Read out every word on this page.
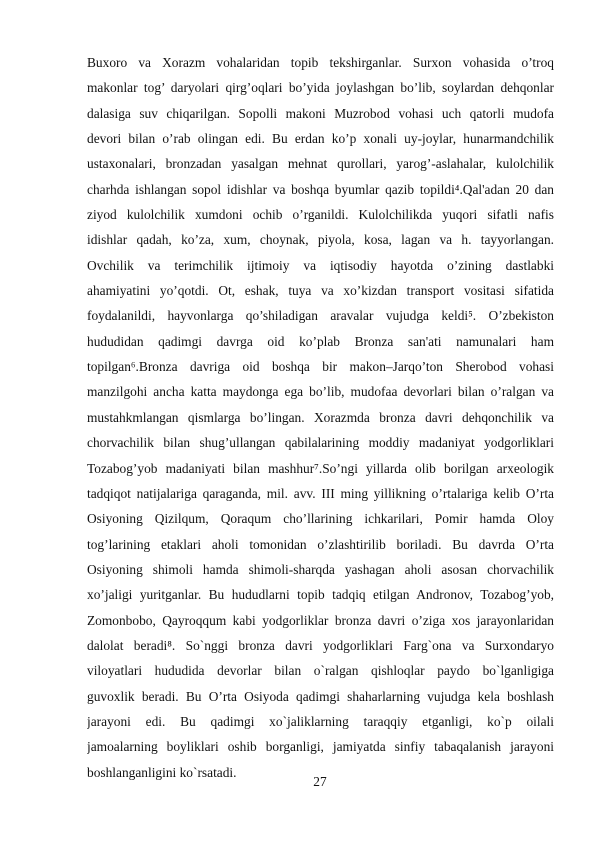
Buxoro va Xorazm vohalaridan topib tekshirganlar. Surxon vohasida o’troq
makonlar tog’ daryolari qirg’oqlari bo’yida joylashgan bo’lib, soylardan dehqonlar
dalasiga suv chiqarilgan. Sopolli makoni Muzrobod vohasi uch qatorli mudofa
devori bilan o’rab olingan edi. Bu erdan ko’p xonali uy-joylar, hunarmandchilik
ustaxonalari, bronzadan yasalgan mehnat qurollari, yarog’-aslahalar, kulolchilik
charhda ishlangan sopol idishlar va boshqa byumlar qazib topildi⁴.Qal'adan 20 dan
ziyod kulolchilik xumdoni ochib o’rganildi. Kulolchilikda yuqori sifatli nafis
idishlar qadah, ko’za, xum, choynak, piyola, kosa, lagan va h. tayyorlangan.
Ovchilik va terimchilik ijtimoiy va iqtisodiy hayotda o’zining dastlabki
ahamiyatini yo’qotdi. Ot, eshak, tuya va xo’kizdan transport vositasi sifatida
foydalanildi, hayvonlarga qo’shiladigan aravalar vujudga keldi⁵. O’zbekiston
hududidan qadimgi davrga oid ko’plab Bronza san'ati namunalari ham
topilgan⁶.Bronza davriga oid boshqa bir makon–Jarqo’ton Sherobod vohasi
manzilgohi ancha katta maydonga ega bo’lib, mudofaa devorlari bilan o’ralgan va
mustahkmlangan qismlarga bo’lingan. Xorazmda bronza davri dehqonchilik va
chorvachilik bilan shug’ullangan qabilalarining moddiy madaniyat yodgorliklari
Tozabog’yob madaniyati bilan mashhur⁷.So’ngi yillarda olib borilgan arxeologik
tadqiqot natijalariga qaraganda, mil. avv. III ming yillikning o’rtalariga kelib O’rta
Osiyoning Qizilqum, Qoraqum cho’llarining ichkarilari, Pomir hamda Oloy
tog’larining etaklari aholi tomonidan o’zlashtirilib boriladi. Bu davrda O’rta
Osiyoning shimoli hamda shimoli-sharqda yashagan aholi asosan chorvachilik
xo’jaligi yuritganlar. Bu hududlarni topib tadqiq etilgan Andronov, Tozabog’yob,
Zomonbobo, Qayroqqum kabi yodgorliklar bronza davri o’ziga xos jarayonlaridan
dalolat beradi⁸. So`nggi bronza davri yodgorliklari Farg`ona va Surxondaryo
viloyatlari hududida devorlar bilan o`ralgan qishloqlar paydo bo`lganligiga
guvoxlik beradi. Bu O’rta Osiyoda qadimgi shaharlarning vujudga kela boshlash
jarayoni edi. Bu qadimgi xo`jaliklarning taraqqiy etganligi, ko`p oilali
jamoalarning boyliklari oshib borganligi, jamiyatda sinfiy tabaqalanish jarayoni
boshlanganligini ko`rsatadi.
27
